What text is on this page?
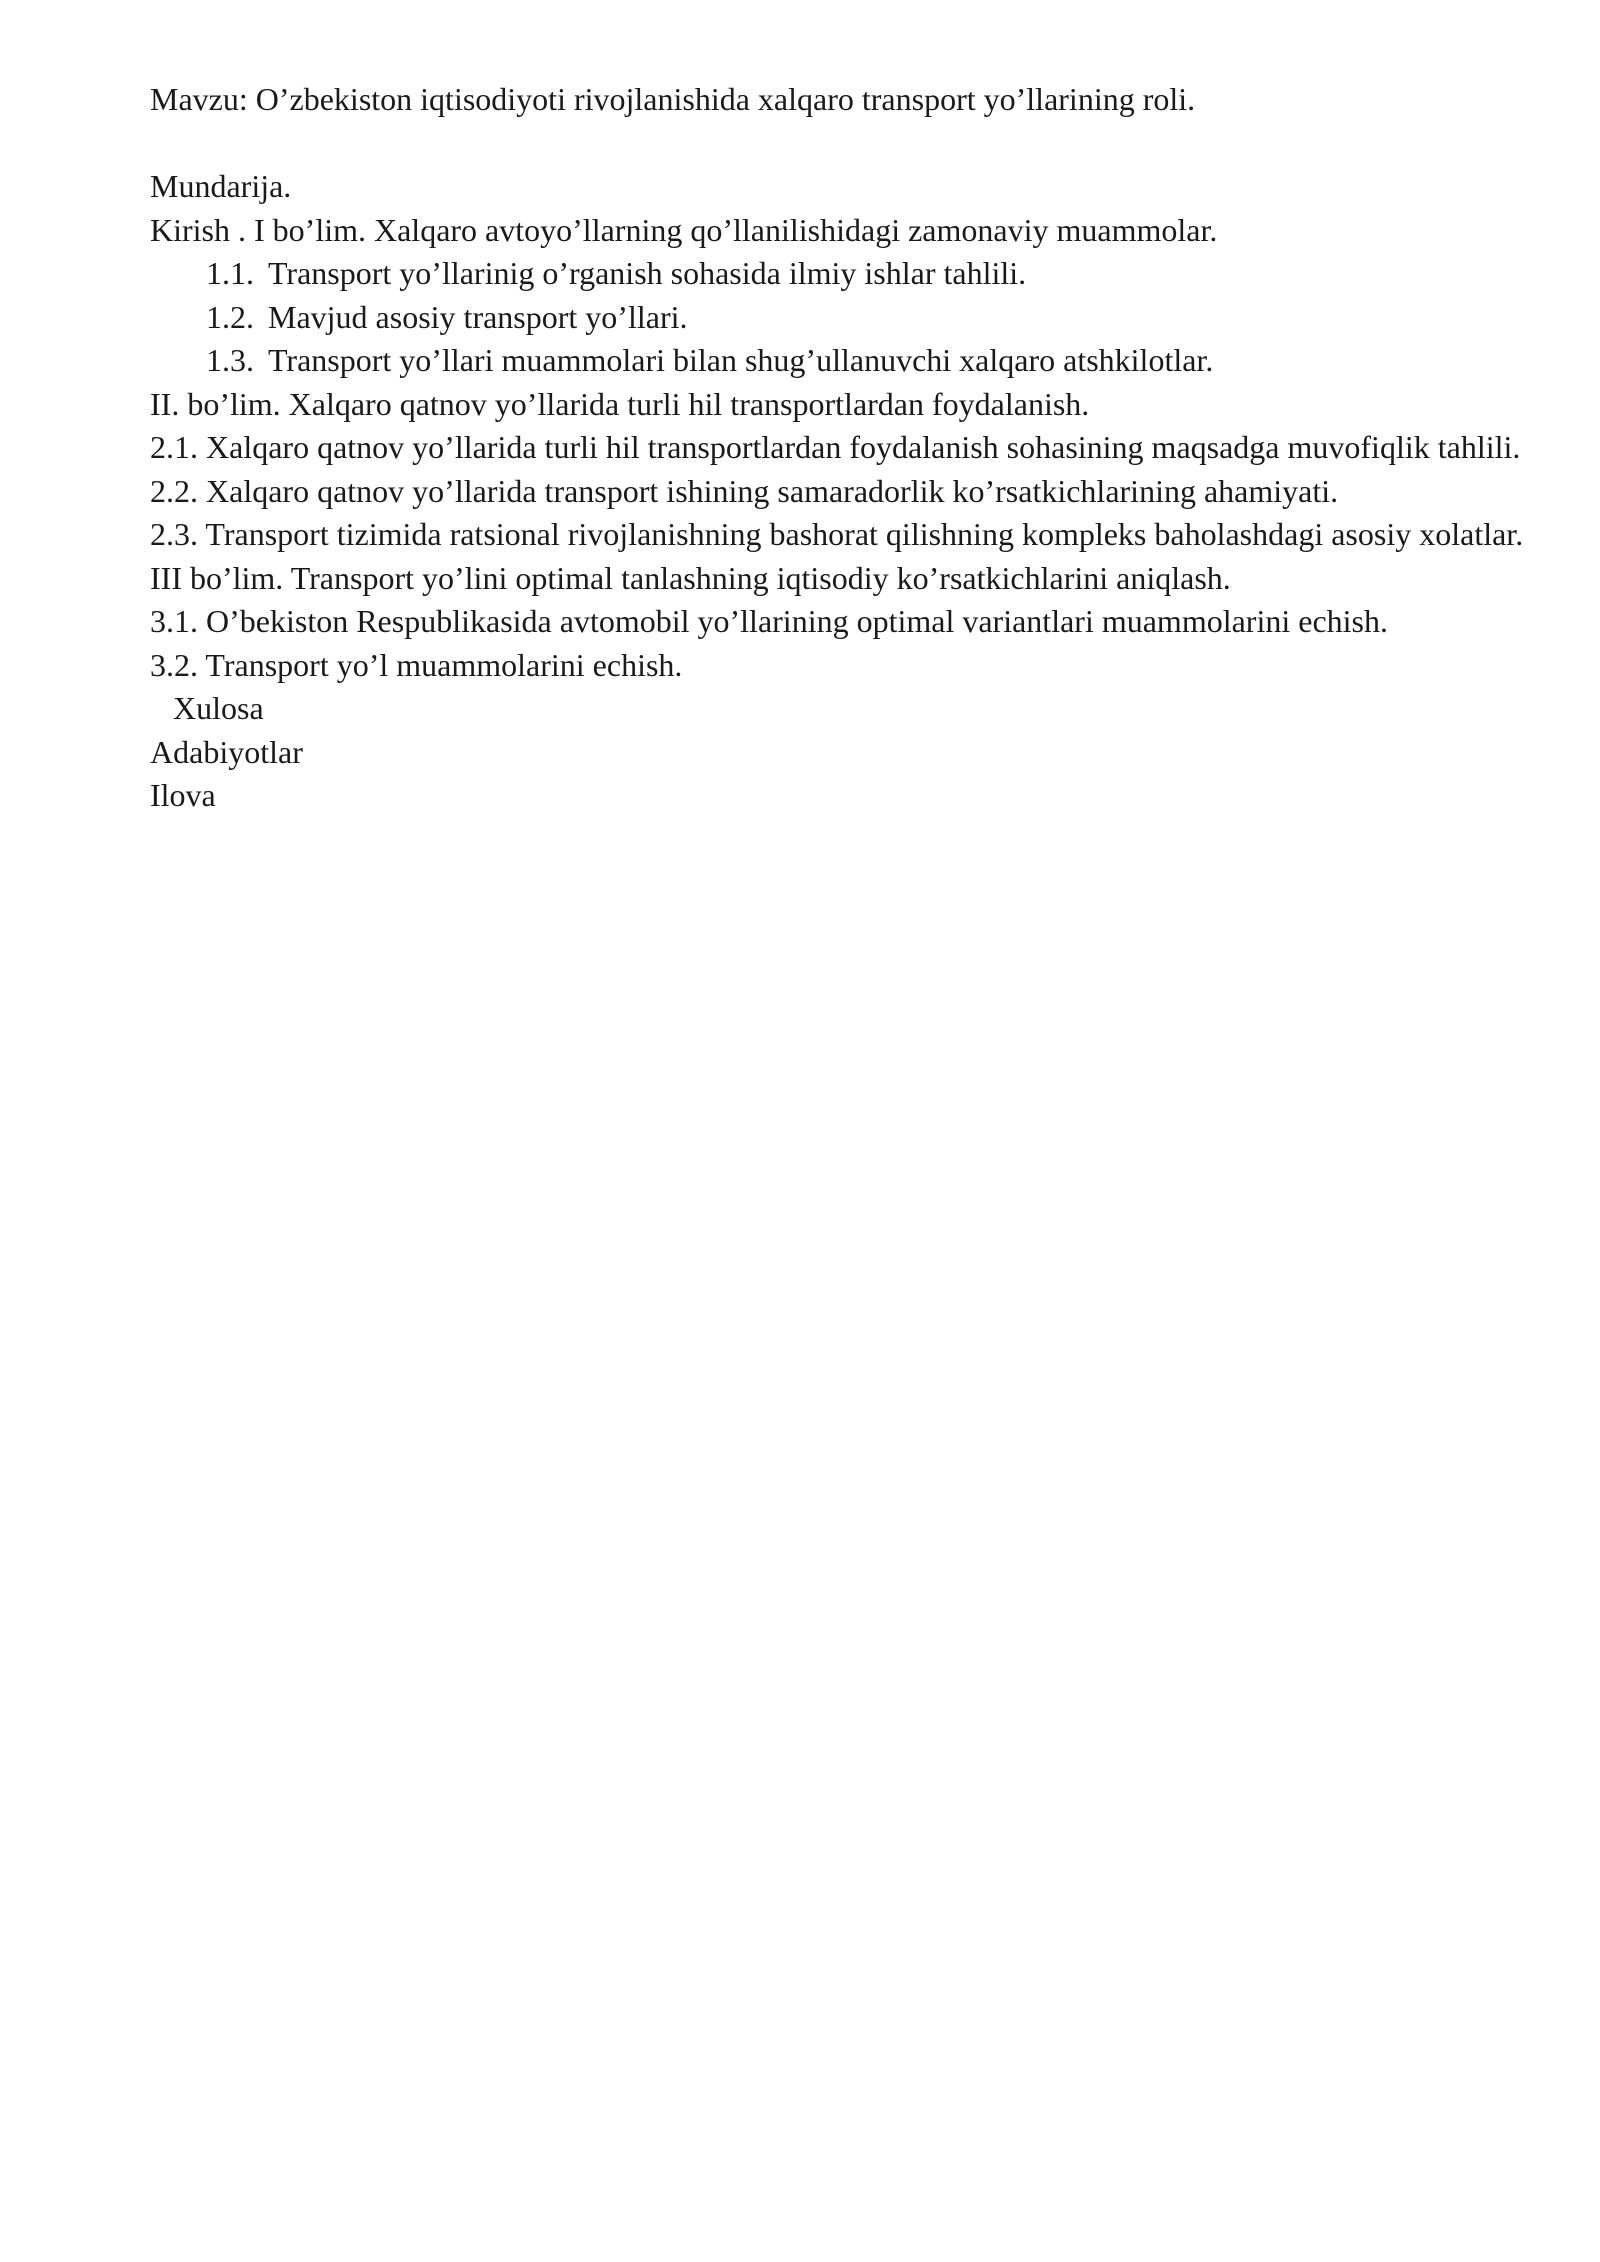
Mavzu: O’zbekiston iqtisodiyoti rivojlanishida xalqaro transport yo’llarining roli.

Mundarija.

Kirish . I bo’lim. Xalqaro avtoyo’llarning qo’llanilishidagi zamonaviy muammolar.

1.1. Transport yo’llarinig o’rganish sohasida ilmiy ishlar tahlili.
1.2. Mavjud asosiy transport yo’llari.
1.3. Transport yo’llari muammolari bilan shug’ullanuvchi xalqaro atshkilotlar.

II. bo’lim. Xalqaro qatnov yo’llarida turli hil transportlardan foydalanish.

2.1. Xalqaro qatnov yo’llarida turli hil transportlardan foydalanish sohasining maqsadga muvofiqlik tahlili.

2.2. Xalqaro qatnov yo’llarida transport ishining samaradorlik ko’rsatkichlarining ahamiyati.

2.3. Transport tizimida ratsional rivojlanishning bashorat qilishning kompleks baholashdagi asosiy xolatlar.

III bo’lim. Transport yo’lini optimal tanlashning iqtisodiy ko’rsatkichlarini aniqlash.

3.1. O’bekiston Respublikasida avtomobil yo’llarining optimal variantlari muammolarini echish.

3.2. Transport yo’l muammolarini echish.

Xulosa

Adabiyotlar

Ilova
